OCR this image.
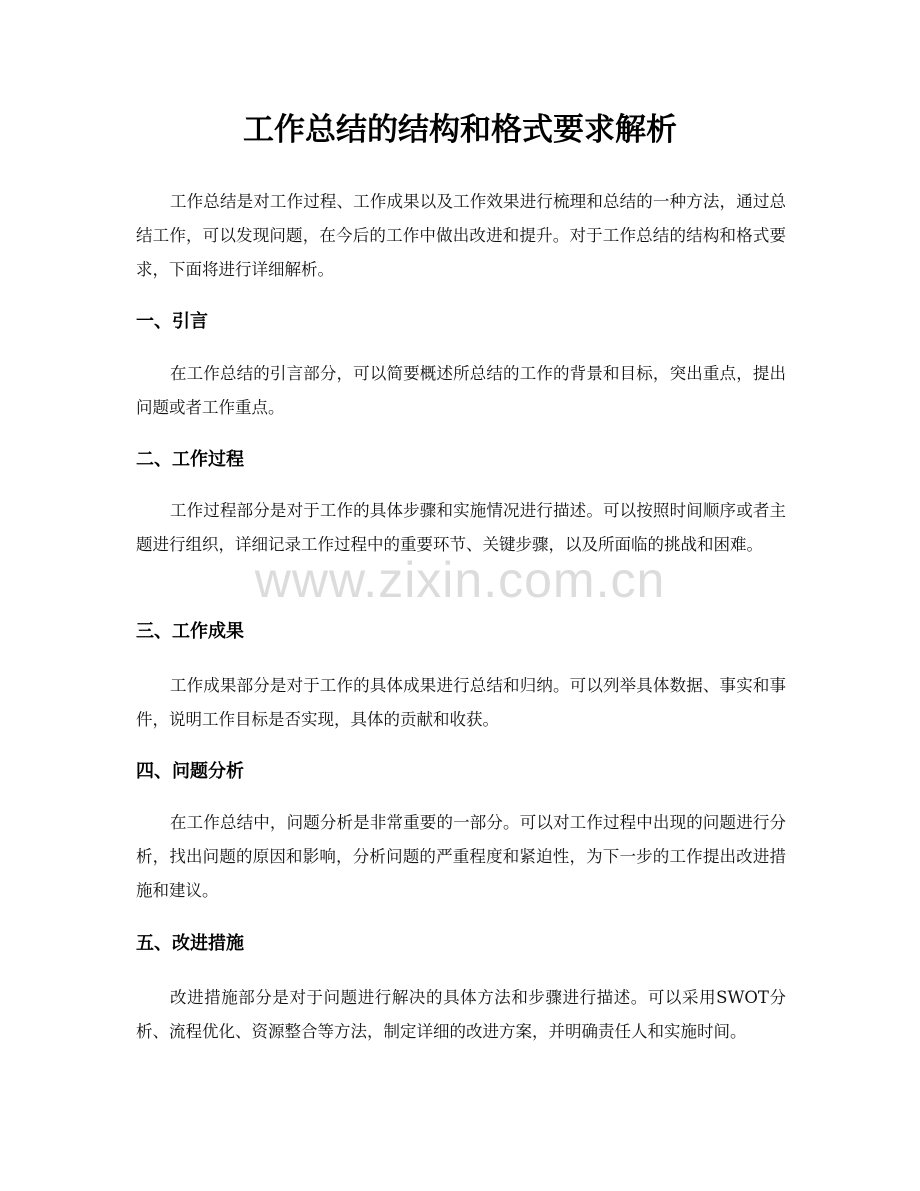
工作总结的结构和格式要求解析

工作总结是对工作过程、工作成果以及工作效果进行梳理和总结的一种方法，通过总结工作，可以发现问题，在今后的工作中做出改进和提升。对于工作总结的结构和格式要求，下面将进行详细解析。

一、引言

在工作总结的引言部分，可以简要概述所总结的工作的背景和目标，突出重点，提出问题或者工作重点。

二、工作过程

工作过程部分是对于工作的具体步骤和实施情况进行描述。可以按照时间顺序或者主题进行组织，详细记录工作过程中的重要环节、关键步骤，以及所面临的挑战和困难。

三、工作成果

工作成果部分是对于工作的具体成果进行总结和归纳。可以列举具体数据、事实和事件，说明工作目标是否实现，具体的贡献和收获。

四、问题分析

在工作总结中，问题分析是非常重要的一部分。可以对工作过程中出现的问题进行分析，找出问题的原因和影响，分析问题的严重程度和紧迫性，为下一步的工作提出改进措施和建议。

五、改进措施

改进措施部分是对于问题进行解决的具体方法和步骤进行描述。可以采用SWOT分析、流程优化、资源整合等方法，制定详细的改进方案，并明确责任人和实施时间。

www.zixin.com.cn
